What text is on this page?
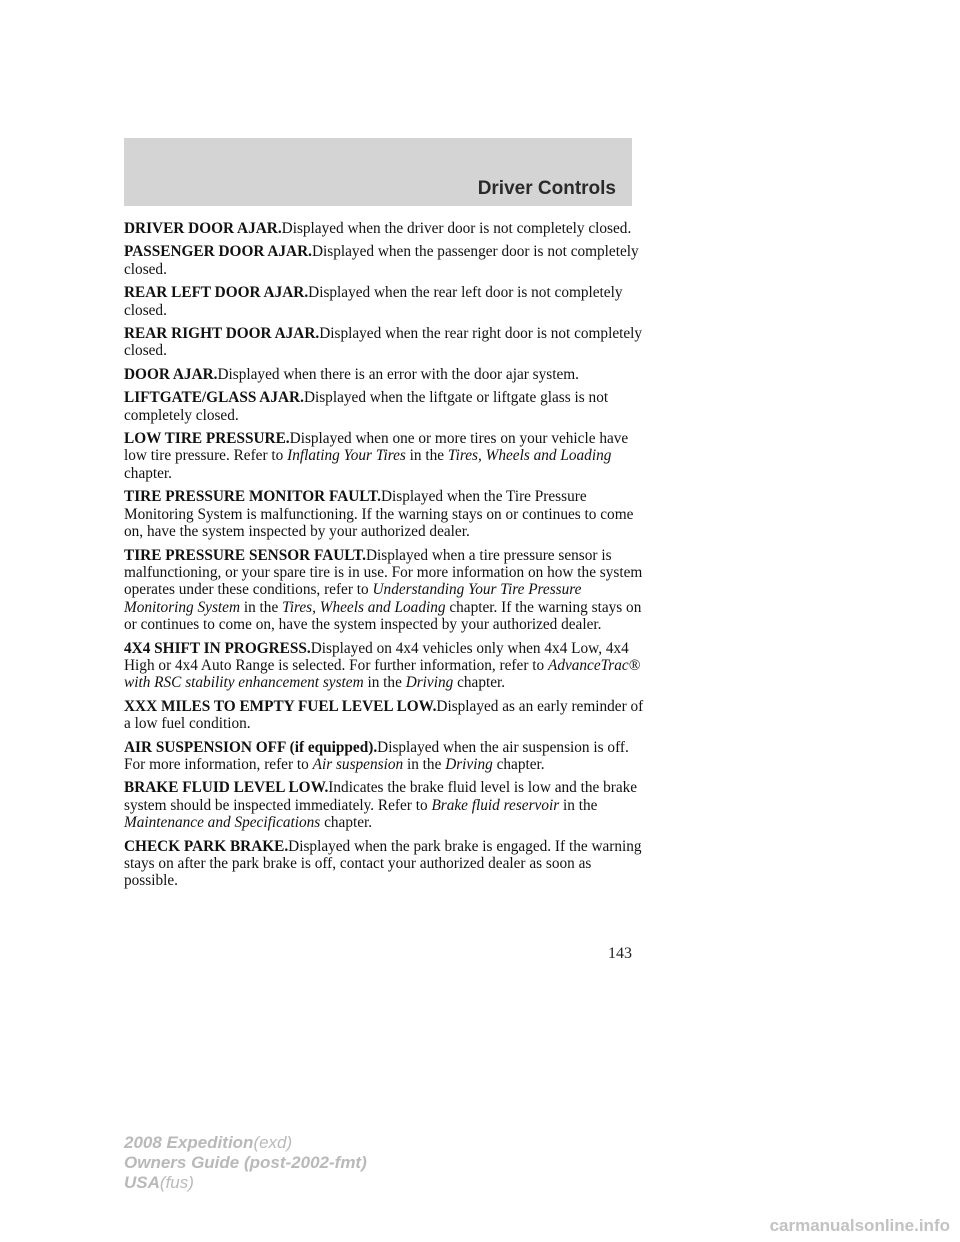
Driver Controls

DRIVER DOOR AJAR.Displayed when the driver door is not completely closed.

PASSENGER DOOR AJAR.Displayed when the passenger door is not completely closed.

REAR LEFT DOOR AJAR.Displayed when the rear left door is not completely closed.

REAR RIGHT DOOR AJAR.Displayed when the rear right door is not completely closed.

DOOR AJAR.Displayed when there is an error with the door ajar system.

LIFTGATE/GLASS AJAR.Displayed when the liftgate or liftgate glass is not completely closed.

LOW TIRE PRESSURE.Displayed when one or more tires on your vehicle have low tire pressure. Refer to Inflating Your Tires in the Tires, Wheels and Loading chapter.

TIRE PRESSURE MONITOR FAULT.Displayed when the Tire Pressure Monitoring System is malfunctioning. If the warning stays on or continues to come on, have the system inspected by your authorized dealer.

TIRE PRESSURE SENSOR FAULT.Displayed when a tire pressure sensor is malfunctioning, or your spare tire is in use. For more information on how the system operates under these conditions, refer to Understanding Your Tire Pressure Monitoring System in the Tires, Wheels and Loading chapter. If the warning stays on or continues to come on, have the system inspected by your authorized dealer.

4X4 SHIFT IN PROGRESS.Displayed on 4x4 vehicles only when 4x4 Low, 4x4 High or 4x4 Auto Range is selected. For further information, refer to AdvanceTrac® with RSC stability enhancement system in the Driving chapter.

XXX MILES TO EMPTY FUEL LEVEL LOW.Displayed as an early reminder of a low fuel condition.

AIR SUSPENSION OFF (if equipped).Displayed when the air suspension is off. For more information, refer to Air suspension in the Driving chapter.

BRAKE FLUID LEVEL LOW.Indicates the brake fluid level is low and the brake system should be inspected immediately. Refer to Brake fluid reservoir in the Maintenance and Specifications chapter.

CHECK PARK BRAKE.Displayed when the park brake is engaged. If the warning stays on after the park brake is off, contact your authorized dealer as soon as possible.

143
2008 Expedition(exd)
Owners Guide (post-2002-fmt)
USA(fus)
carmanualsonline.info
